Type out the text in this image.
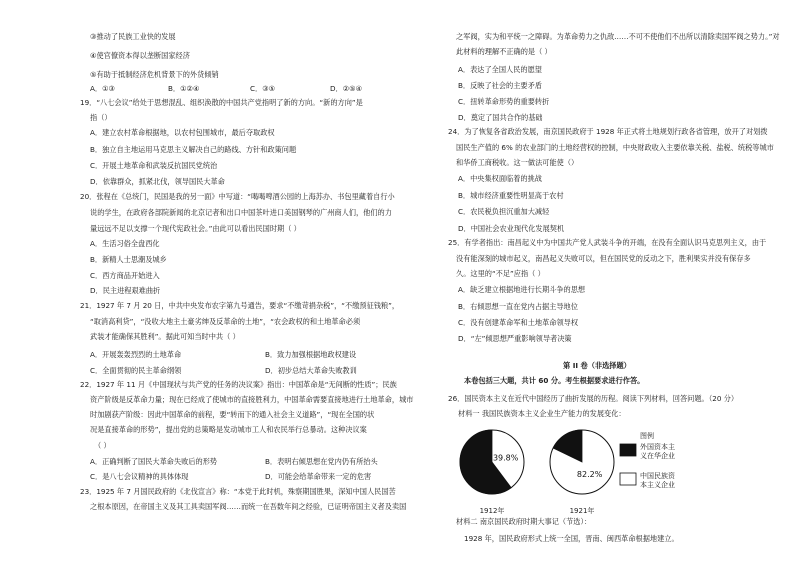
③推动了民族工业快的发展
④使官僚资本得以垄断国家经济
⑤有助于抵制经济危机背景下的外货倾销
A．①③	B．①②④	C．③⑤	D．②⑤④
19．“八七会议”给处于思想混乱、组织涣散的中国共产党指明了新的方向。“新的方向”是
指（）
A．建立农村革命根据地，以农村包围城市，最后夺取政权
B．独立自主地运用马克思主义解决自己的路线、方针和政策问题
C．开展土地革命和武装反抗国民党统治
D．依靠群众，抓紧北伐，领导国民大革命
20．张程在《总统门，民国是我的另一面》中写道：“喝喝啤酒公园的上海苏办、书包里藏着自行小
说的学生，在政府各部院新闻的北京记者和出口中国茶叶进口美国钢琴的广州商人们，他们的力
量远远不足以支撑一个现代宪政社会。”由此可以看出民国时期（ ）
A．生活习俗全盘西化
B．新精人士思潮及城乡
C．西方商品开始进入
D．民主进程艰难曲折
21．1927 年 7 月 20 日，中共中央发布农字第九号通告，要求“不缴苛捐杂税”，“不缴预征钱粮”，
“取消高利贷”，“没收大地主土豪劣绅及反革命的土地”，“农会政权的和土地革命必须
武装才能确保其胜利”。据此可知当时中共（ ）
A．开展轰轰烈烈的土地革命	B．致力加强根据地政权建设
C．全面贯彻的民主革命纲领	D．初步总结大革命失败教训
22．1927 年 11 月《中国现状与共产党的任务的决议案》指出：中国革命是“无间断的性质”；民族
资产阶级是反革命力量；现在已经成了使城市的直接胜利力，中国革命需要直接地进行土地革命，城市
时加剧获产阶级：因此中国革命的前程，要“转而下的通入社会主义道路”，“现在全国的状
况是直接革命的形势”，提出党的总策略是发动城市工人和农民举行总暴动。这种决议案
（ ）
A．正确判断了国民大革命失败后的形势	B．表明右倾思想在党内仍有所抬头
C．是八七会议精神的具体体现	D．可能会给革命带来一定的危害
23．1925 年 7 月国民政府的《北伐宣言》称：“本党于此时机，殊察期国胜果，深知中国人民国苦
之根本原因，在帝国主义及其工具卖国军阀……而统一在吾数年间之经验，已证明帝国主义者及卖国
之军阀，实为和平统一之障碍。为革命势力之仇敌……不可不使他们不出所以清除卖国军阀之势力。”对
此材料的理解不正确的是（ ）
A．表达了全国人民的愿望
B．反映了社会的主要矛盾
C．扭转革命形势的重要转折
D．奠定了国共合作的基础
24．为了恢复各省政治发展，南京国民政府于 1928 年正式将土地规划行政各省管理，放开了对划拨
国民生产值的 6% 的农业部门的土地经营权的控制，中央财政收入主要依靠关税、盐税、统税等城市
和华侨工商税收。这一做法可能使（）
A．中央集权面临着的挑战
B．城市经济重要性明显高于农村
C．农民税负担沉重加大减轻
D．中国社会农业现代化发展契机
25．有学者指出：南昌起义中为中国共产党人武装斗争的开端，在没有全面认识马克思列主义，由于
没有能深刻的城市起义，南昌起义失败可以，但在国民党的反动之下，胜利果实并没有保存多
久。这里的“不足”应指（ ）
A．缺乏建立根据地进行长期斗争的思想
B．右倾思想一直在党内占据主导地位
C．没有创建革命军和土地革命领导权
D．“左”倾思想严重影响领导者决策
第 II 卷（非选择题）
本卷包括三大题，共计 60 分。考生根据要求进行作答。
26．国民资本主义在近代中国经历了曲折发展的历程。阅读下列材料，回答问题。（20 分）
材料一 我国民族资本主义企业生产能力的发展变化：
39.8%
82.2%
1912年	1921年
图例
外国资本主
义在华企业
中国民族资
本主义企业
材料二 南京国民政府时期大事记（节选）：
1928 年，国民政府形式上统一全国，晋南、闽西革命根据地建立。
